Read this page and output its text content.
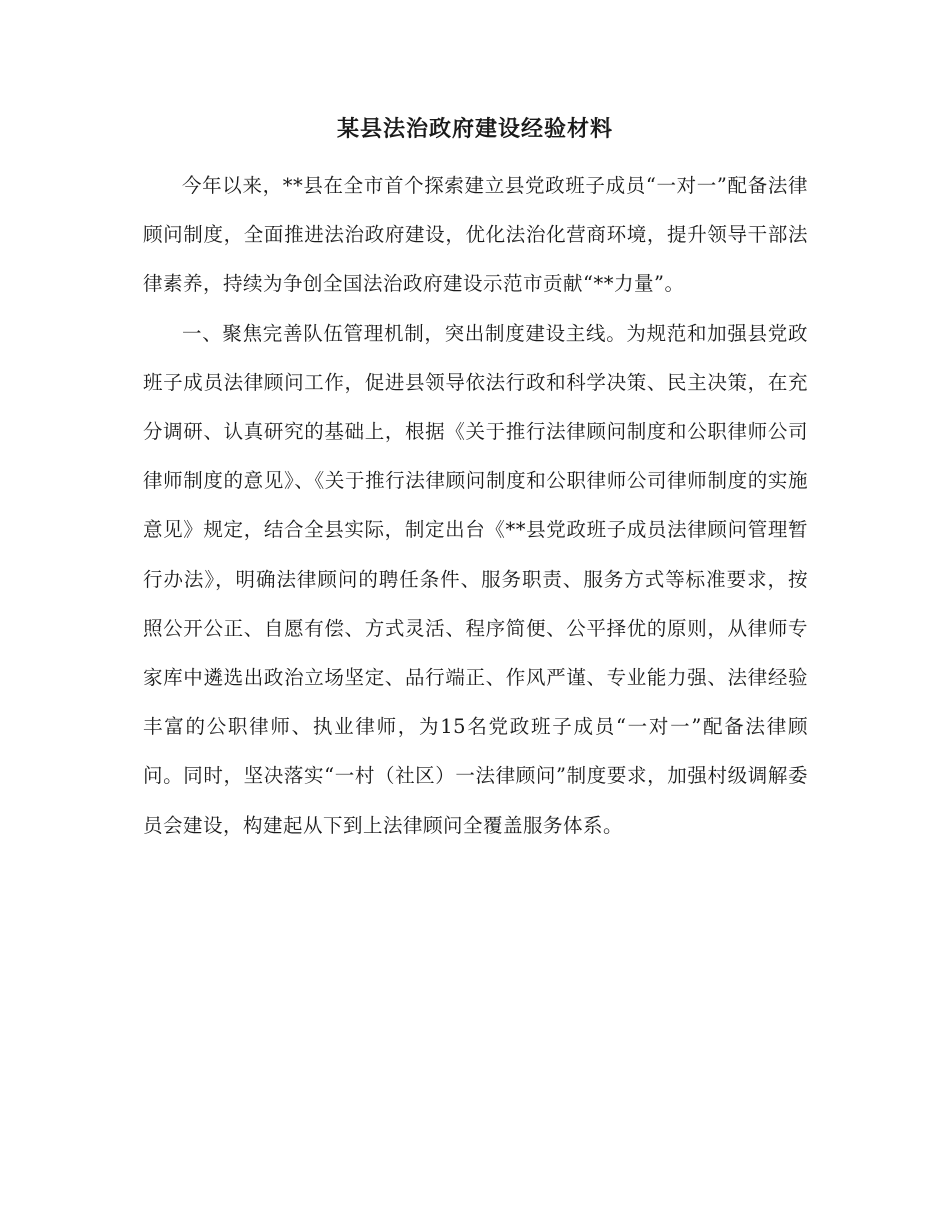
某县法治政府建设经验材料

今年以来，**县在全市首个探索建立县党政班子成员“一对一”配备法律顾问制度，全面推进法治政府建设，优化法治化营商环境，提升领导干部法律素养，持续为争创全国法治政府建设示范市贡献“**力量”。

一、聚焦完善队伍管理机制，突出制度建设主线。为规范和加强县党政班子成员法律顾问工作，促进县领导依法行政和科学决策、民主决策，在充分调研、认真研究的基础上，根据《关于推行法律顾问制度和公职律师公司律师制度的意见》、《关于推行法律顾问制度和公职律师公司律师制度的实施意见》规定，结合全县实际，制定出台《**县党政班子成员法律顾问管理暂行办法》，明确法律顾问的聘任条件、服务职责、服务方式等标准要求，按照公开公正、自愿有偿、方式灵活、程序简便、公平择优的原则，从律师专家库中遴选出政治立场坚定、品行端正、作风严谨、专业能力强、法律经验丰富的公职律师、执业律师，为15名党政班子成员“一对一”配备法律顾问。同时，坚决落实“一村（社区）一法律顾问”制度要求，加强村级调解委员会建设，构建起从下到上法律顾问全覆盖服务体系。
